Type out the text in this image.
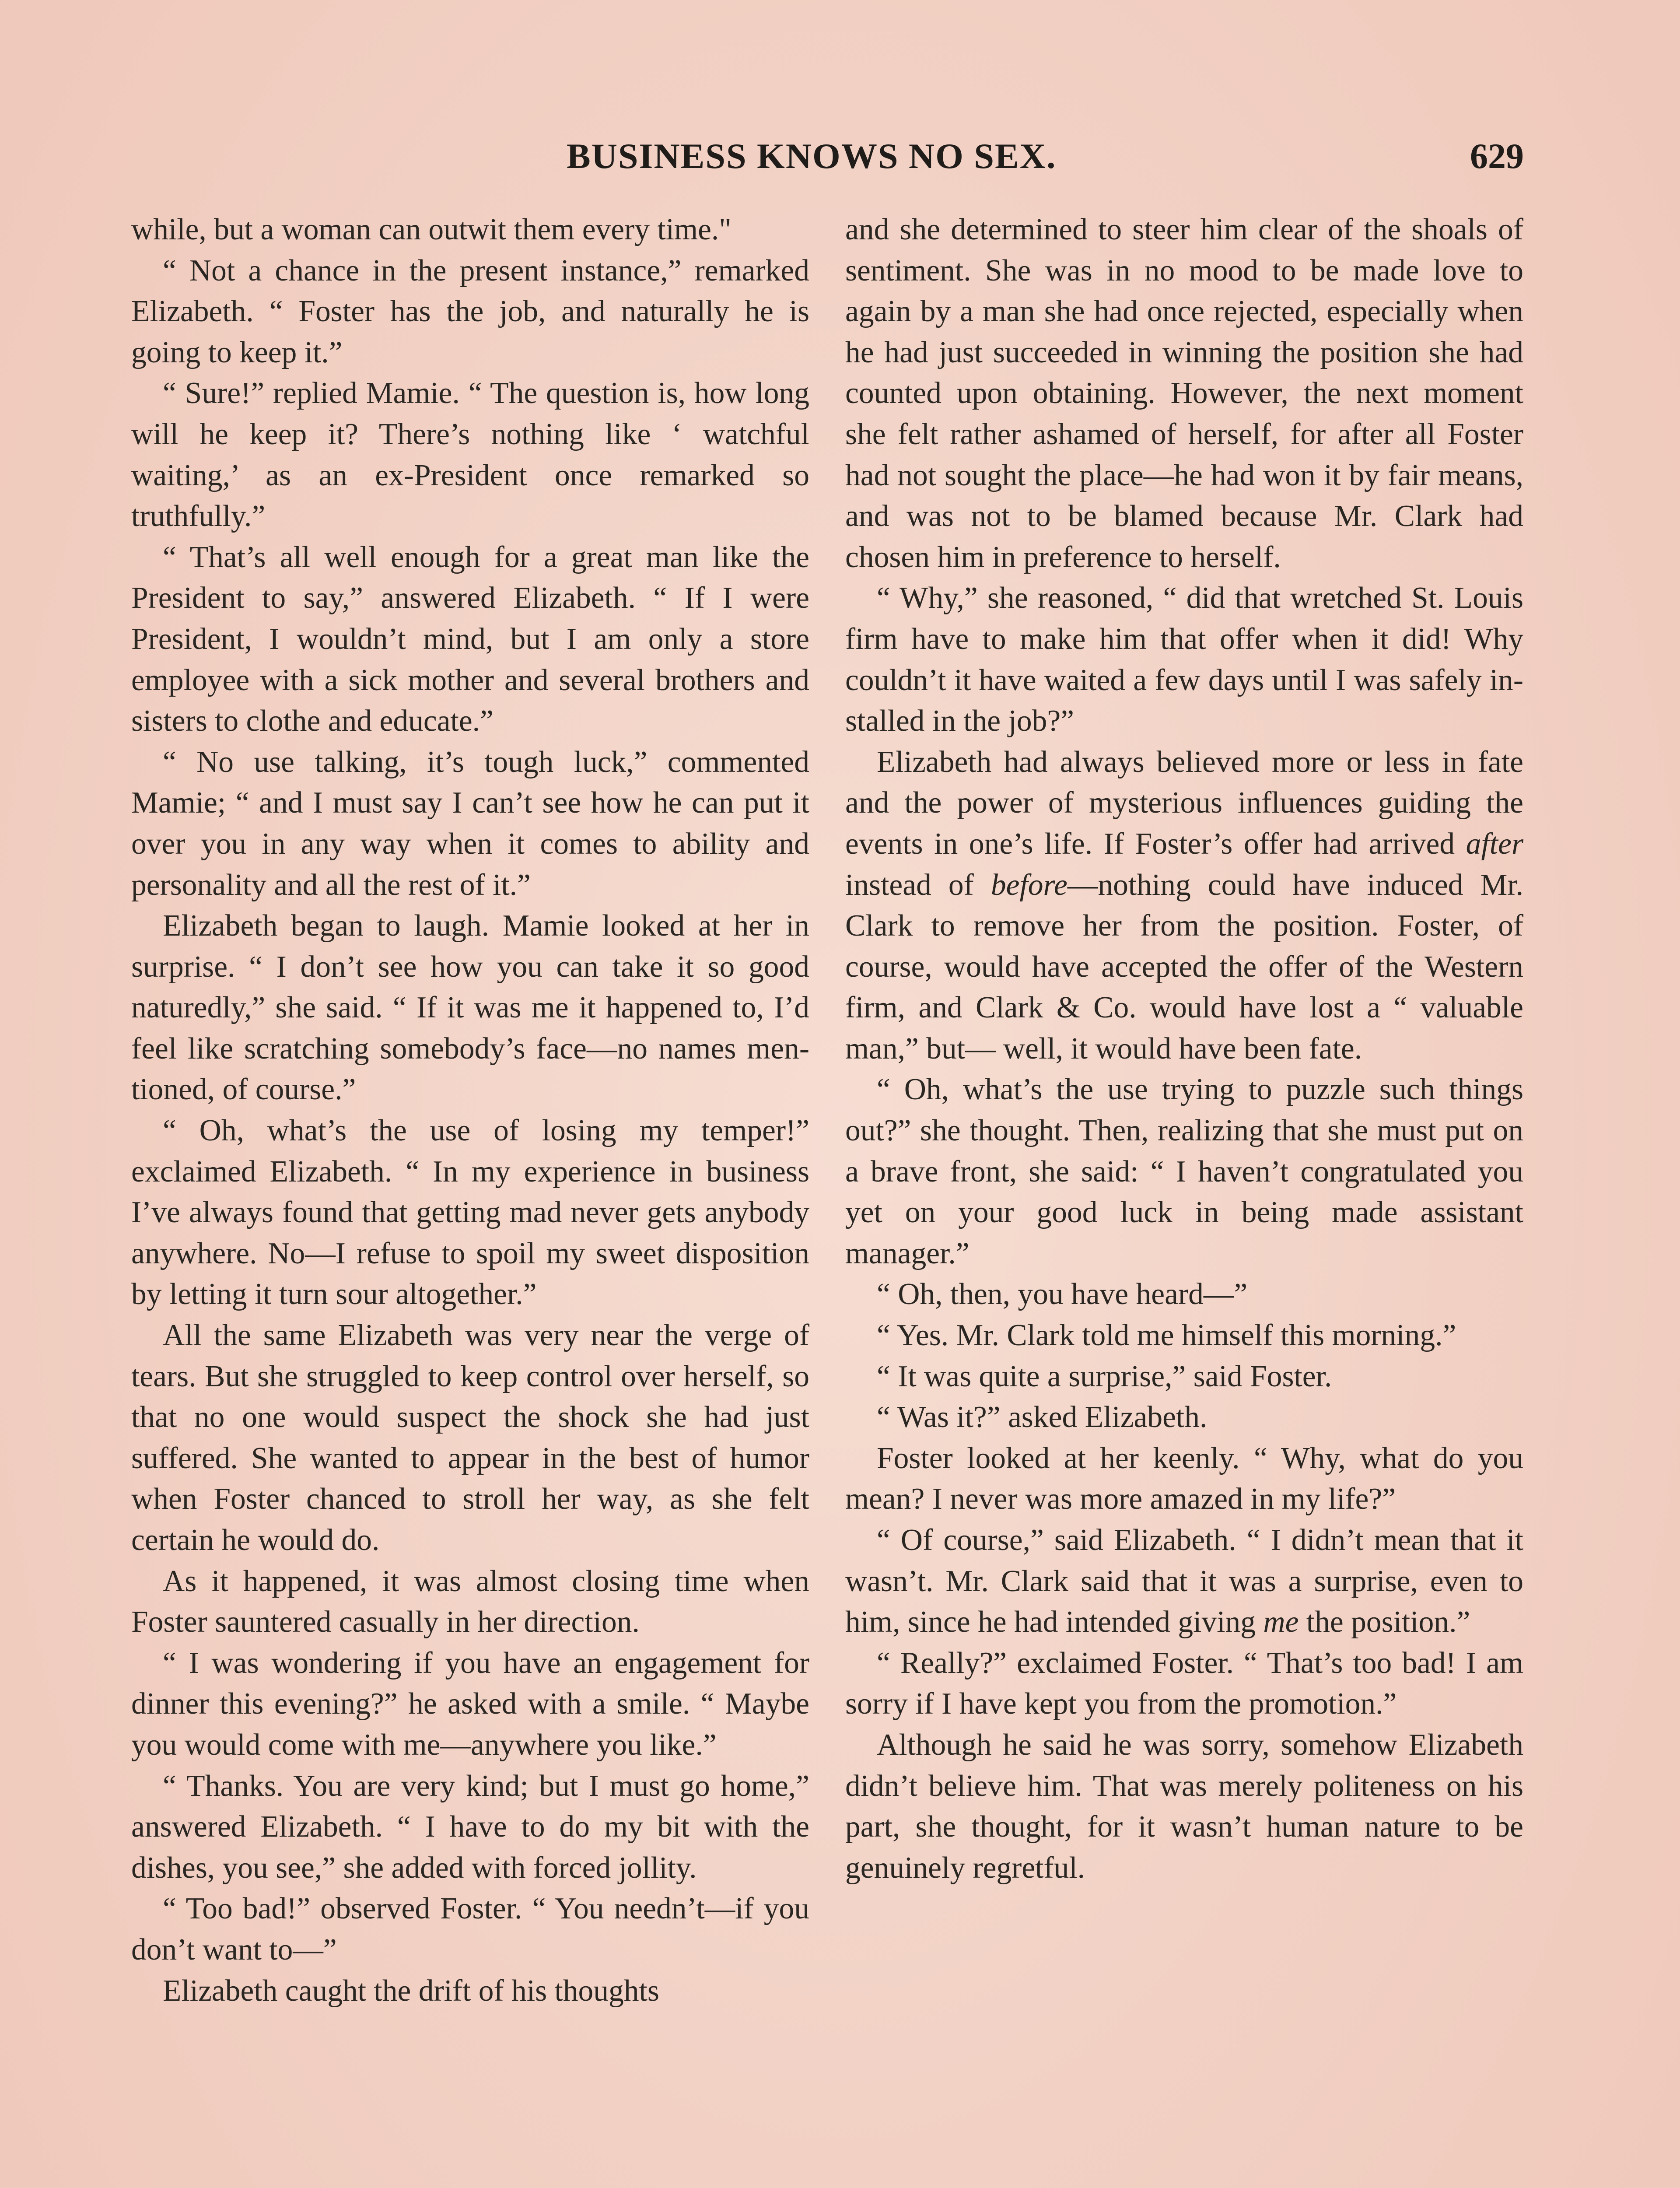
BUSINESS KNOWS NO SEX.	629

while, but a woman can outwit them every time."

“ Not a chance in the present instance,” remarked Elizabeth. “ Foster has the job, and naturally he is going to keep it.”

“ Sure!” replied Mamie. “ The question is, how long will he keep it? There’s nothing like ‘ watchful waiting,’ as an ex-President once remarked so truthfully.”

“ That’s all well enough for a great man like the President to say,” answered Elizabeth. “ If I were President, I wouldn’t mind, but I am only a store employee with a sick mother and several brothers and sisters to clothe and educate.”

“ No use talking, it’s tough luck,” commented Mamie; “ and I must say I can’t see how he can put it over you in any way when it comes to ability and personality and all the rest of it.”

Elizabeth began to laugh. Mamie looked at her in surprise. “ I don’t see how you can take it so good naturedly,” she said. “ If it was me it happened to, I’d feel like scratching somebody’s face—no names mentioned, of course.”

“ Oh, what’s the use of losing my temper!” exclaimed Elizabeth. “ In my experience in business I’ve always found that getting mad never gets anybody anywhere. No—I refuse to spoil my sweet disposition by letting it turn sour altogether.”

All the same Elizabeth was very near the verge of tears. But she struggled to keep control over herself, so that no one would suspect the shock she had just suffered. She wanted to appear in the best of humor when Foster chanced to stroll her way, as she felt certain he would do.

As it happened, it was almost closing time when Foster sauntered casually in her direction.

“ I was wondering if you have an engagement for dinner this evening?” he asked with a smile. “ Maybe you would come with me—anywhere you like.”

“ Thanks. You are very kind; but I must go home,” answered Elizabeth. “ I have to do my bit with the dishes, you see,” she added with forced jollity.

“ Too bad!” observed Foster. “ You needn’t—if you don’t want to—”

Elizabeth caught the drift of his thoughts

and she determined to steer him clear of the shoals of sentiment. She was in no mood to be made love to again by a man she had once rejected, especially when he had just succeeded in winning the position she had counted upon obtaining. However, the next moment she felt rather ashamed of herself, for after all Foster had not sought the place—he had won it by fair means, and was not to be blamed because Mr. Clark had chosen him in preference to herself.

“ Why,” she reasoned, “ did that wretched St. Louis firm have to make him that offer when it did! Why couldn’t it have waited a few days until I was safely installed in the job?”

Elizabeth had always believed more or less in fate and the power of mysterious influences guiding the events in one’s life. If Foster’s offer had arrived after instead of before—nothing could have induced Mr. Clark to remove her from the position. Foster, of course, would have accepted the offer of the Western firm, and Clark & Co. would have lost a “ valuable man,” but— well, it would have been fate.

“ Oh, what’s the use trying to puzzle such things out?” she thought. Then, realizing that she must put on a brave front, she said: “ I haven’t congratulated you yet on your good luck in being made assistant manager.”

“ Oh, then, you have heard—”

“ Yes. Mr. Clark told me himself this morning.”

“ It was quite a surprise,” said Foster.

“ Was it?” asked Elizabeth.

Foster looked at her keenly. “ Why, what do you mean? I never was more amazed in my life?”

“ Of course,” said Elizabeth. “ I didn’t mean that it wasn’t. Mr. Clark said that it was a surprise, even to him, since he had intended giving me the position.”

“ Really?” exclaimed Foster. “ That’s too bad! I am sorry if I have kept you from the promotion.”

Although he said he was sorry, somehow Elizabeth didn’t believe him. That was merely politeness on his part, she thought, for it wasn’t human nature to be genuinely regretful.
